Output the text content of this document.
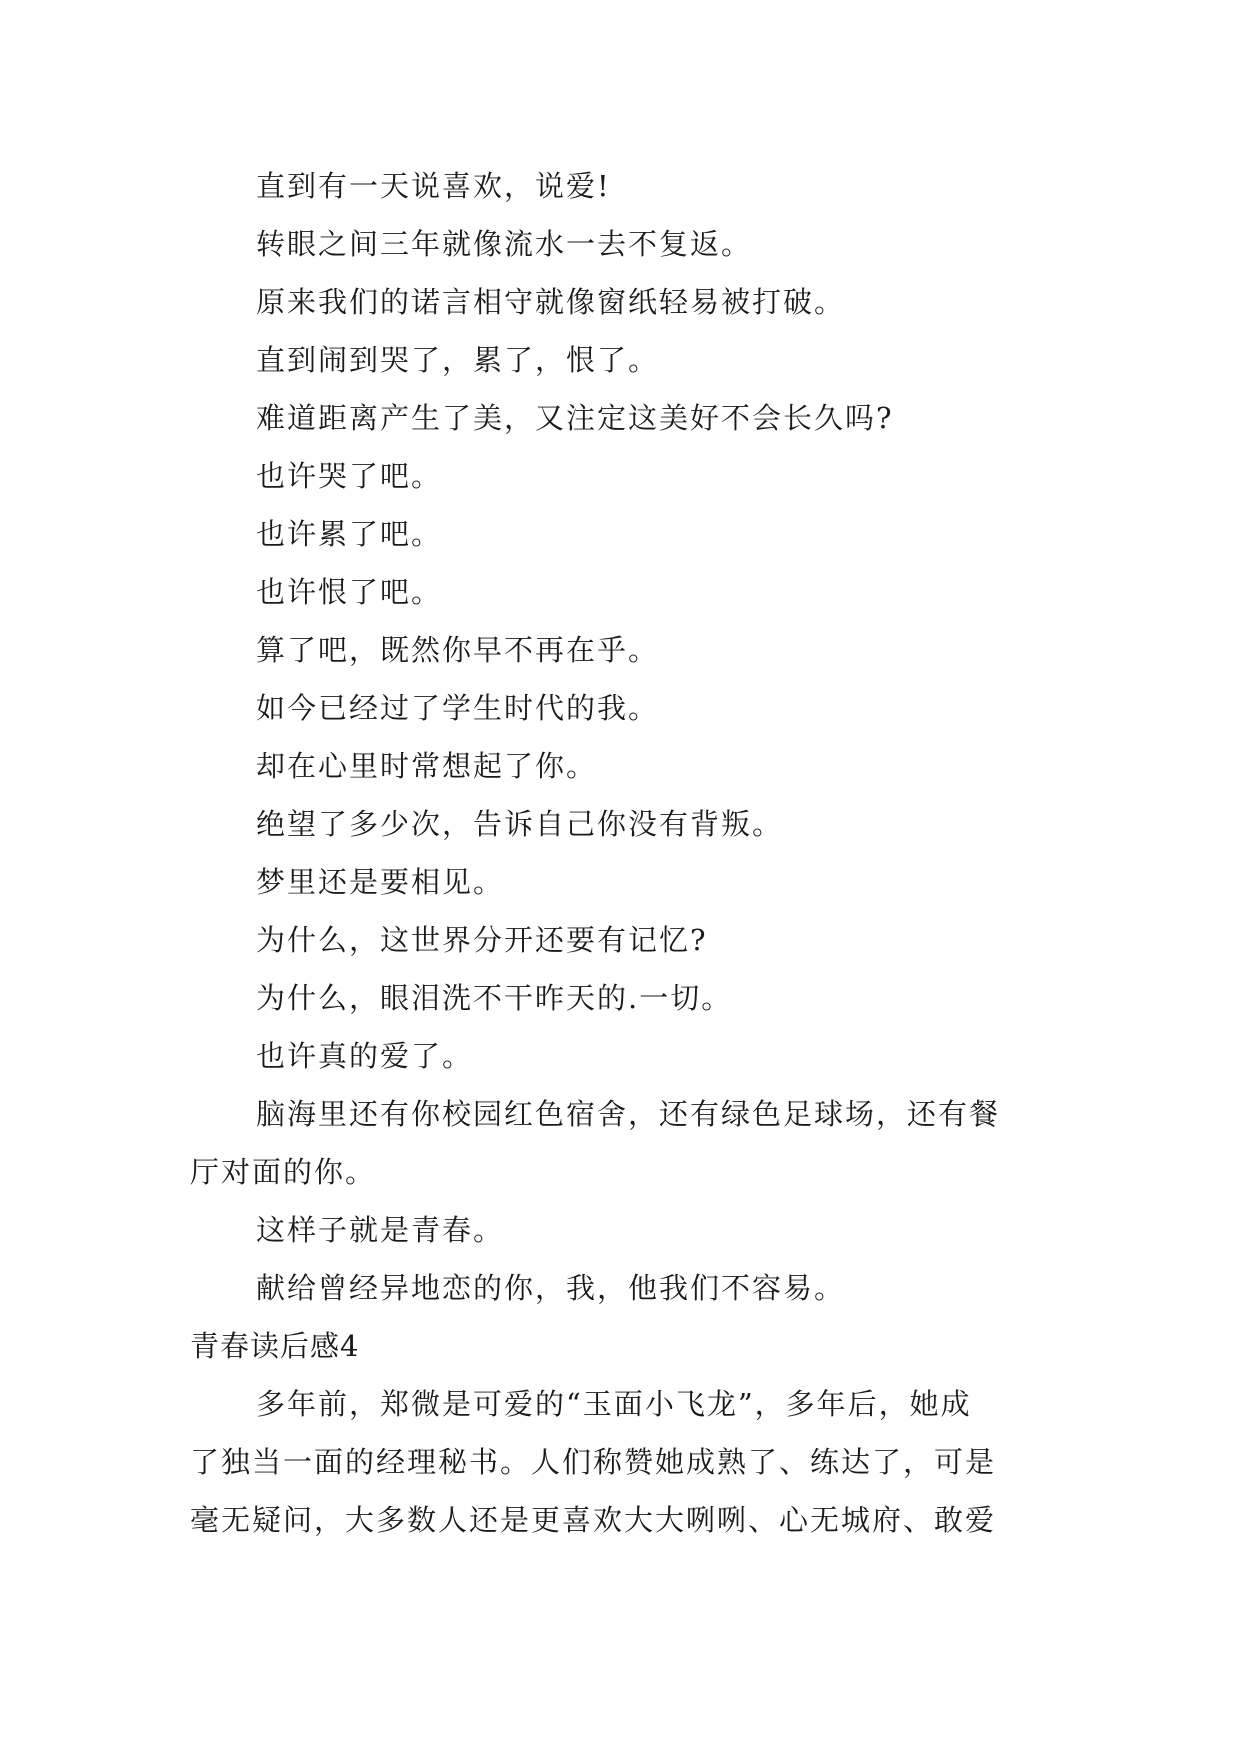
直到有一天说喜欢，说爱!

转眼之间三年就像流水一去不复返。

原来我们的诺言相守就像窗纸轻易被打破。

直到闹到哭了，累了，恨了。

难道距离产生了美，又注定这美好不会长久吗?

也许哭了吧。

也许累了吧。

也许恨了吧。

算了吧，既然你早不再在乎。

如今已经过了学生时代的我。

却在心里时常想起了你。

绝望了多少次，告诉自己你没有背叛。

梦里还是要相见。

为什么，这世界分开还要有记忆?

为什么，眼泪洗不干昨天的.一切。

也许真的爱了。

脑海里还有你校园红色宿舍，还有绿色足球场，还有餐
厅对面的你。

这样子就是青春。

献给曾经异地恋的你，我，他我们不容易。

青春读后感4
多年前，郑微是可爱的“玉面小飞龙”，多年后，她成
了独当一面的经理秘书。人们称赞她成熟了、练达了，可是
毫无疑问，大多数人还是更喜欢大大咧咧、心无城府、敢爱
